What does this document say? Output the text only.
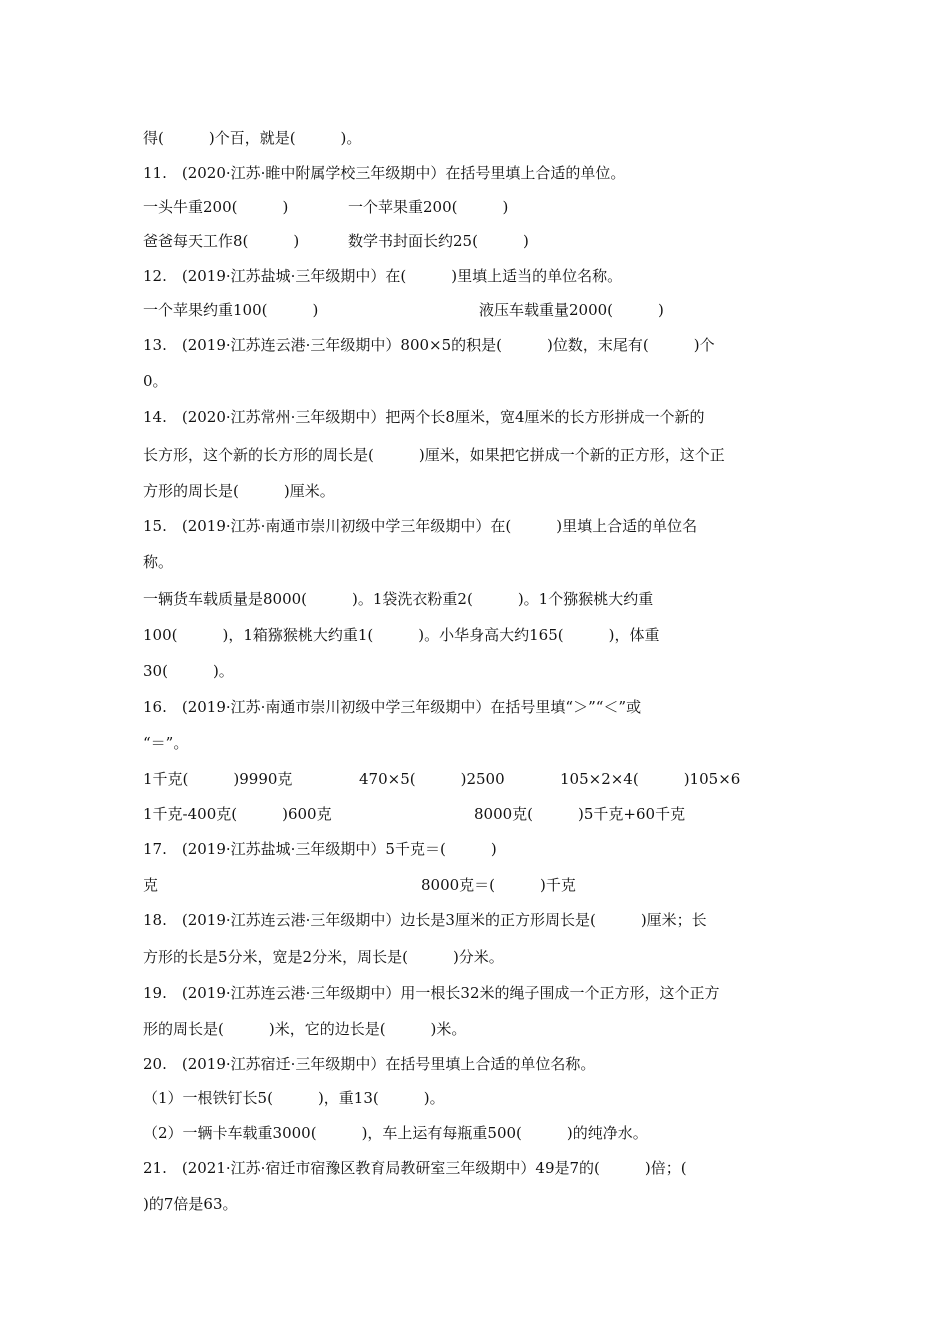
得(　　　)个百，就是(　　　)。
11.　(2020·江苏·睢中附属学校三年级期中）在括号里填上合适的单位。
一头牛重200(　　　)	一个苹果重200(　　　)
爸爸每天工作8(　　　)	数学书封面长约25(　　　)
12.　(2019·江苏盐城·三年级期中）在(　　　)里填上适当的单位名称。
一个苹果约重100(　　　)	液压车载重量2000(　　　)
13.　(2019·江苏连云港·三年级期中）800×5的积是(　　　)位数，末尾有(　　　)个
0。
14.　(2020·江苏常州·三年级期中）把两个长8厘米，宽4厘米的长方形拼成一个新的
长方形，这个新的长方形的周长是(　　　)厘米，如果把它拼成一个新的正方形，这个正
方形的周长是(　　　)厘米。
15.　(2019·江苏·南通市崇川初级中学三年级期中）在(　　　)里填上合适的单位名
称。
一辆货车载质量是8000(　　　)。1袋洗衣粉重2(　　　)。1个猕猴桃大约重
100(　　　)，1箱猕猴桃大约重1(　　　)。小华身高大约165(　　　)，体重
30(　　　)。
16.　(2019·江苏·南通市崇川初级中学三年级期中）在括号里填“＞”“＜”或
“＝”。
1千克(　　　)9990克	470×5(　　　)2500	105×2×4(　　　)105×6
1千克-400克(　　　)600克	8000克(　　　)5千克+60千克
17.　(2019·江苏盐城·三年级期中）5千克＝(　　　)
克	8000克＝(　　　)千克
18.　(2019·江苏连云港·三年级期中）边长是3厘米的正方形周长是(　　　)厘米；长
方形的长是5分米，宽是2分米，周长是(　　　)分米。
19.　(2019·江苏连云港·三年级期中）用一根长32米的绳子围成一个正方形，这个正方
形的周长是(　　　)米，它的边长是(　　　)米。
20.　(2019·江苏宿迁·三年级期中）在括号里填上合适的单位名称。
（1）一根铁钉长5(　　　)，重13(　　　)。
（2）一辆卡车载重3000(　　　)，车上运有每瓶重500(　　　)的纯净水。
21.　(2021·江苏·宿迁市宿豫区教育局教研室三年级期中）49是7的(　　　)倍；(
)的7倍是63。
